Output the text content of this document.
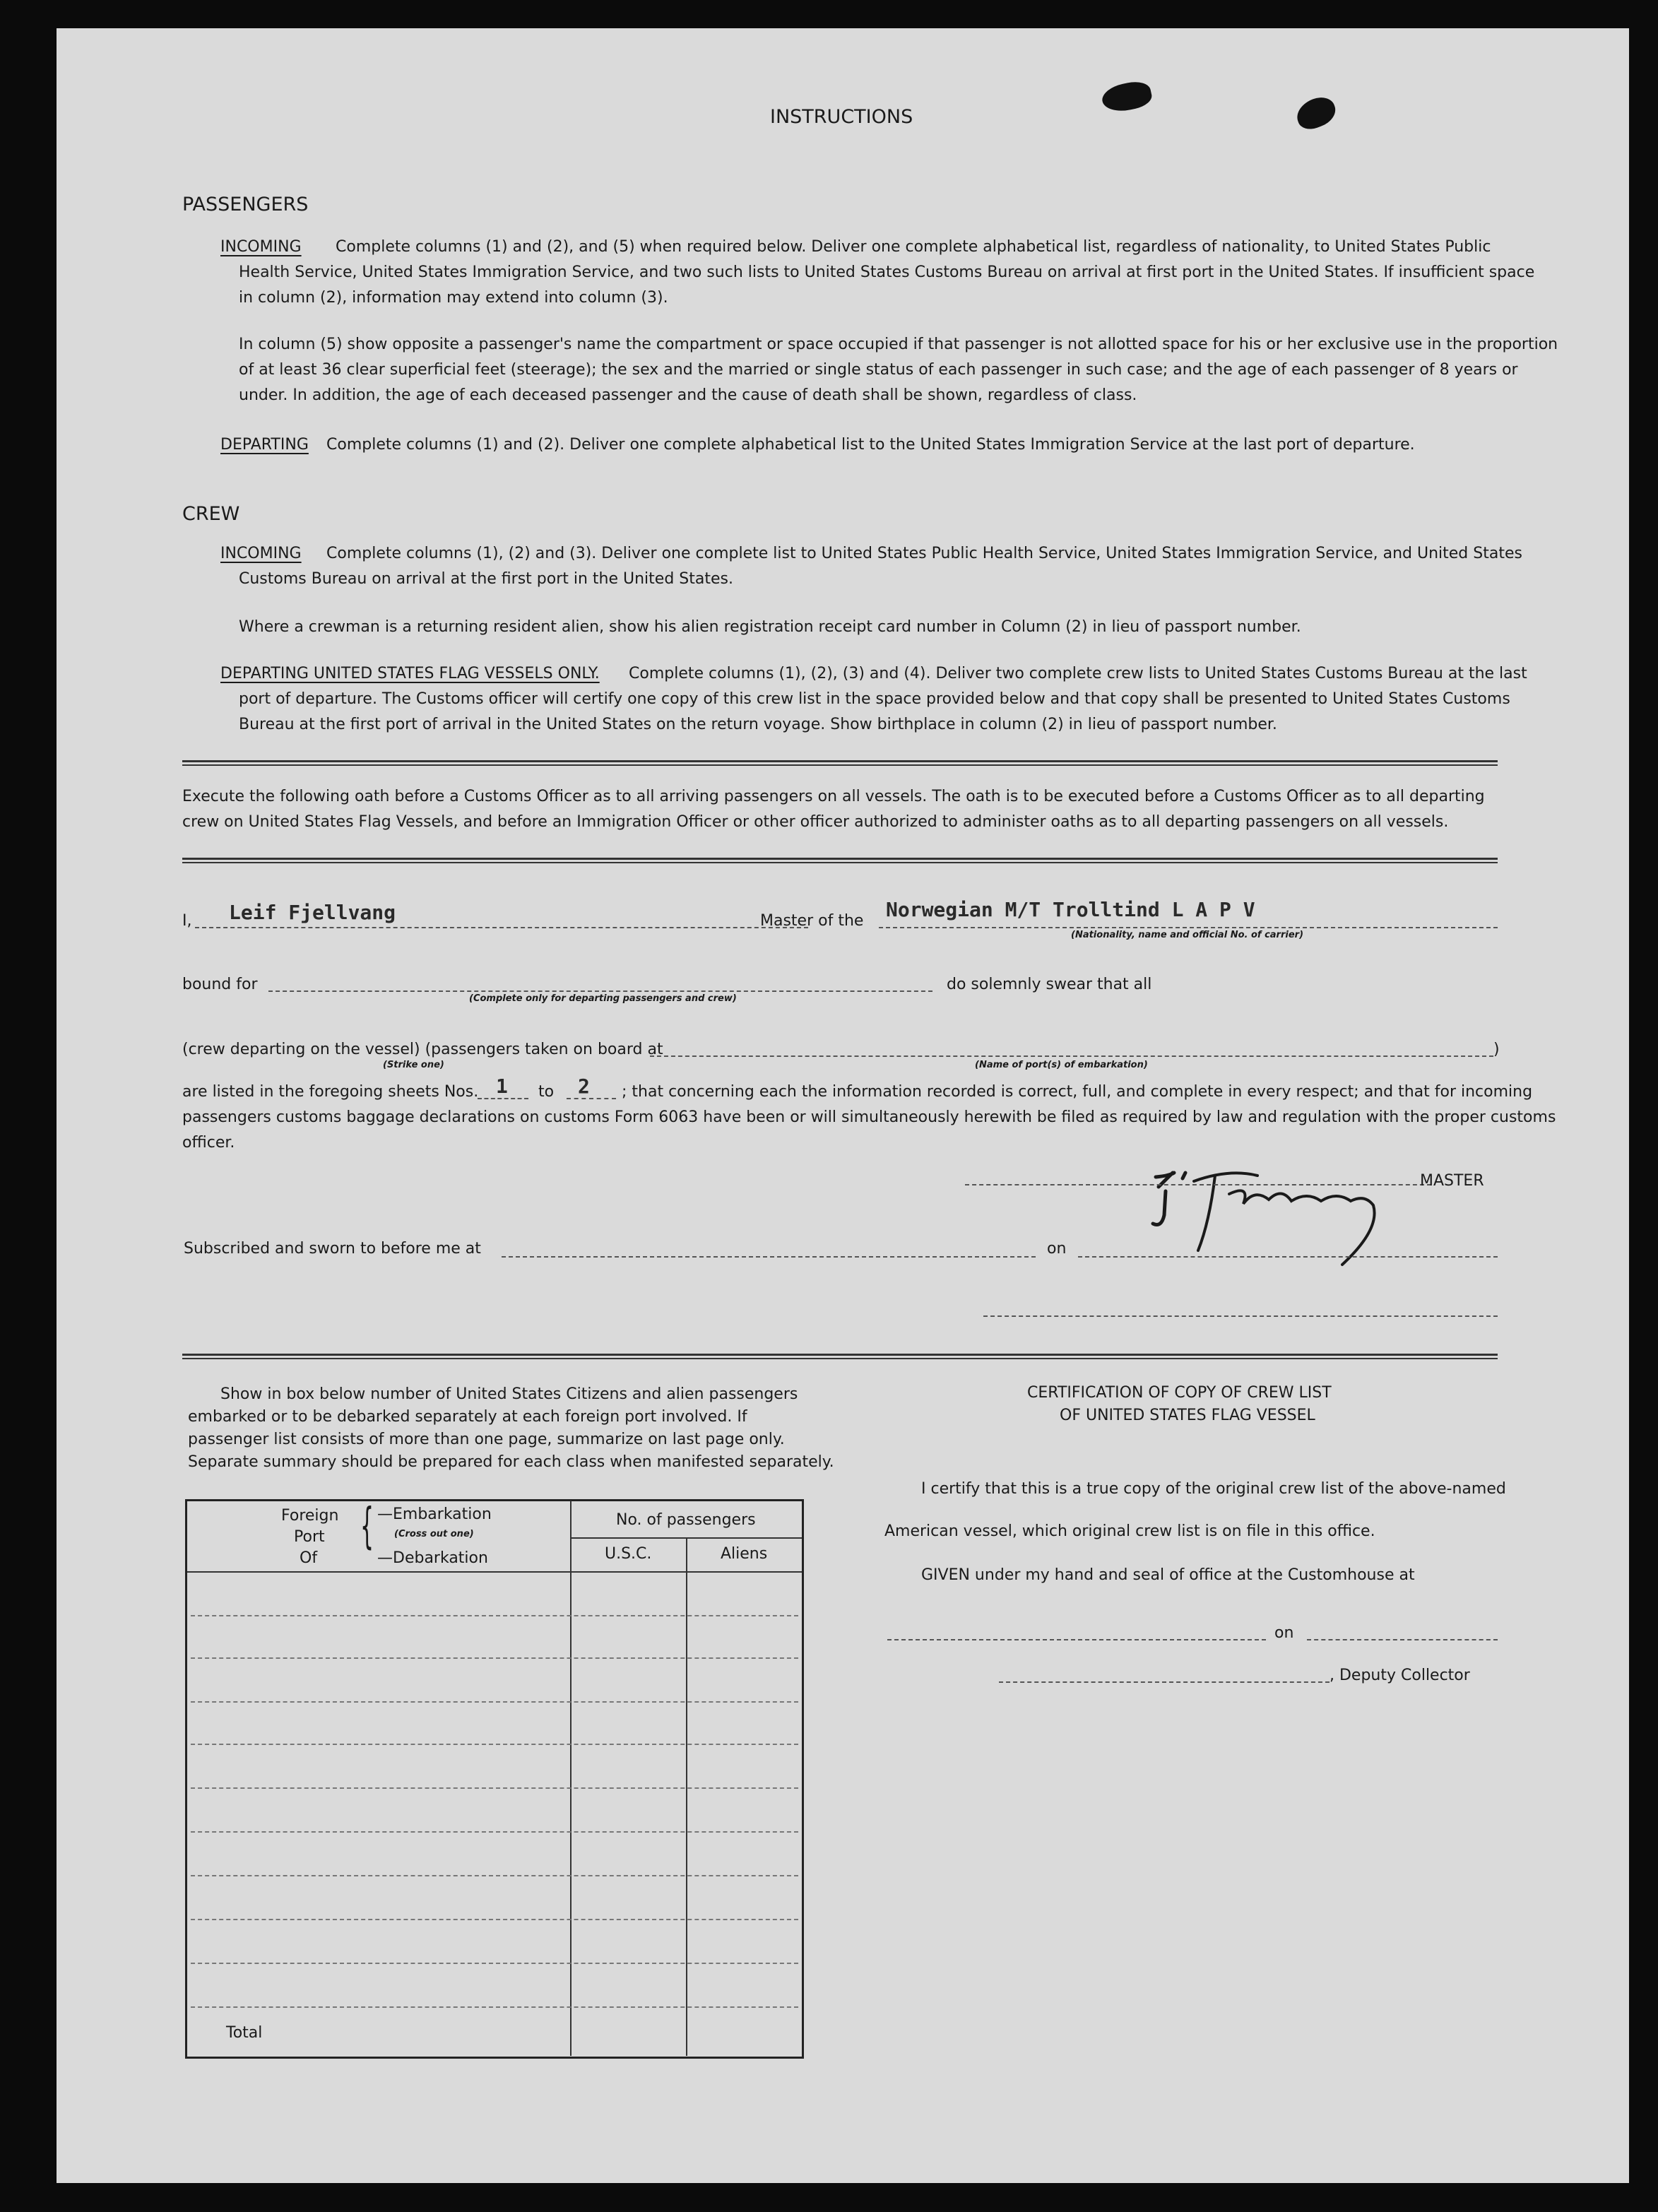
INSTRUCTIONS
PASSENGERS
INCOMING Complete columns (1) and (2), and (5) when required below. Deliver one complete alphabetical list, regardless of nationality, to United States Public
Health Service, United States Immigration Service, and two such lists to United States Customs Bureau on arrival at first port in the United States. If insufficient space
in column (2), information may extend into column (3).
In column (5) show opposite a passenger's name the compartment or space occupied if that passenger is not allotted space for his or her exclusive use in the proportion
of at least 36 clear superficial feet (steerage); the sex and the married or single status of each passenger in such case; and the age of each passenger of 8 years or
under. In addition, the age of each deceased passenger and the cause of death shall be shown, regardless of class.
DEPARTING Complete columns (1) and (2). Deliver one complete alphabetical list to the United States Immigration Service at the last port of departure.
CREW
INCOMING Complete columns (1), (2) and (3). Deliver one complete list to United States Public Health Service, United States Immigration Service, and United States
Customs Bureau on arrival at the first port in the United States.
Where a crewman is a returning resident alien, show his alien registration receipt card number in Column (2) in lieu of passport number.
DEPARTING UNITED STATES FLAG VESSELS ONLY. Complete columns (1), (2), (3) and (4). Deliver two complete crew lists to United States Customs Bureau at the last
port of departure. The Customs officer will certify one copy of this crew list in the space provided below and that copy shall be presented to United States Customs
Bureau at the first port of arrival in the United States on the return voyage. Show birthplace in column (2) in lieu of passport number.
Execute the following oath before a Customs Officer as to all arriving passengers on all vessels. The oath is to be executed before a Customs Officer as to all departing
crew on United States Flag Vessels, and before an Immigration Officer or other officer authorized to administer oaths as to all departing passengers on all vessels.
I, Leif Fjellvang	Master of the Norwegian M/T Trolltind L A P V
(Nationality, name and official No. of carrier)
bound for
(Complete only for departing passengers and crew)
do solemnly swear that all
(crew departing on the vessel) (passengers taken on board at	)
(Strike one)	(Name of port(s) of embarkation)
are listed in the foregoing sheets Nos. 1 to 2 ; that concerning each the information recorded is correct, full, and complete in every respect; and that for incoming
passengers customs baggage declarations on customs Form 6063 have been or will simultaneously herewith be filed as required by law and regulation with the proper customs
officer.
MASTER
Subscribed and sworn to before me at	on
Show in box below number of United States Citizens and alien passengers
embarked or to be debarked separately at each foreign port involved. If
passenger list consists of more than one page, summarize on last page only.
Separate summary should be prepared for each class when manifested separately.
Foreign
Port
Of
{ —Embarkation
(Cross out one)
—Debarkation
No. of passengers
U.S.C.	Aliens
Total
CERTIFICATION OF COPY OF CREW LIST
OF UNITED STATES FLAG VESSEL
I certify that this is a true copy of the original crew list of the above-named
American vessel, which original crew list is on file in this office.
GIVEN under my hand and seal of office at the Customhouse at
on
, Deputy Collector
